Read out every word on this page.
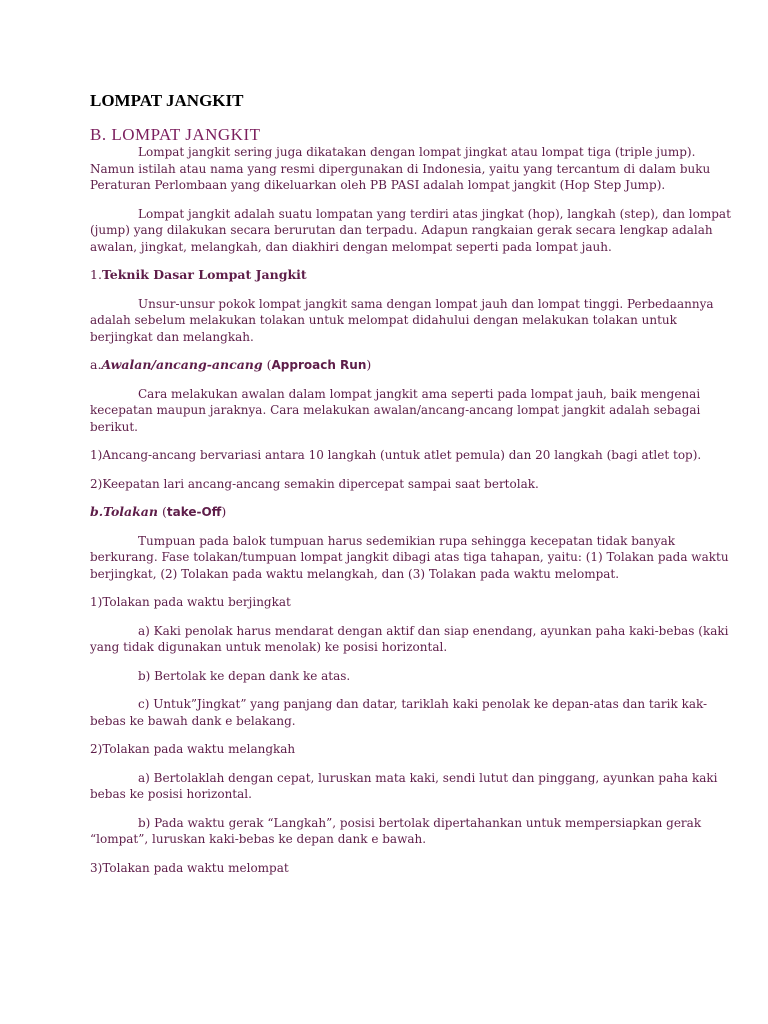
LOMPAT JANGKIT
B. LOMPAT JANGKIT

Lompat jangkit sering juga dikatakan dengan lompat jingkat atau lompat tiga (triple jump).
Namun istilah atau nama yang resmi dipergunakan di Indonesia, yaitu yang tercantum di dalam buku
Peraturan Perlombaan yang dikeluarkan oleh PB PASI adalah lompat jangkit (Hop Step Jump).

Lompat jangkit adalah suatu lompatan yang terdiri atas jingkat (hop), langkah (step), dan lompat
(jump) yang dilakukan secara berurutan dan terpadu. Adapun rangkaian gerak secara lengkap adalah
awalan, jingkat, melangkah, dan diakhiri dengan melompat seperti pada lompat jauh.

1.Teknik Dasar Lompat Jangkit

Unsur-unsur pokok lompat jangkit sama dengan lompat jauh dan lompat tinggi. Perbedaannya
adalah sebelum melakukan tolakan untuk melompat didahului dengan melakukan tolakan untuk
berjingkat dan melangkah.

a.Awalan/ancang-ancang (Approach Run)

Cara melakukan awalan dalam lompat jangkit ama seperti pada lompat jauh, baik mengenai
kecepatan maupun jaraknya. Cara melakukan awalan/ancang-ancang lompat jangkit adalah sebagai
berikut.

1)Ancang-ancang bervariasi antara 10 langkah (untuk atlet pemula) dan 20 langkah (bagi atlet top).

2)Keepatan lari ancang-ancang semakin dipercepat sampai saat bertolak.

b.Tolakan (take-Off)

Tumpuan pada balok tumpuan harus sedemikian rupa sehingga kecepatan tidak banyak
berkurang. Fase tolakan/tumpuan lompat jangkit dibagi atas tiga tahapan, yaitu: (1) Tolakan pada waktu
berjingkat, (2) Tolakan pada waktu melangkah, dan (3) Tolakan pada waktu melompat.

1)Tolakan pada waktu berjingkat

a) Kaki penolak harus mendarat dengan aktif dan siap enendang, ayunkan paha kaki-bebas (kaki
yang tidak digunakan untuk menolak) ke posisi horizontal.

b) Bertolak ke depan dank ke atas.

c) Untuk”Jingkat” yang panjang dan datar, tariklah kaki penolak ke depan-atas dan tarik kak-
bebas ke bawah dank e belakang.

2)Tolakan pada waktu melangkah

a) Bertolaklah dengan cepat, luruskan mata kaki, sendi lutut dan pinggang, ayunkan paha kaki
bebas ke posisi horizontal.

b) Pada waktu gerak “Langkah”, posisi bertolak dipertahankan untuk mempersiapkan gerak
“lompat”, luruskan kaki-bebas ke depan dank e bawah.

3)Tolakan pada waktu melompat
